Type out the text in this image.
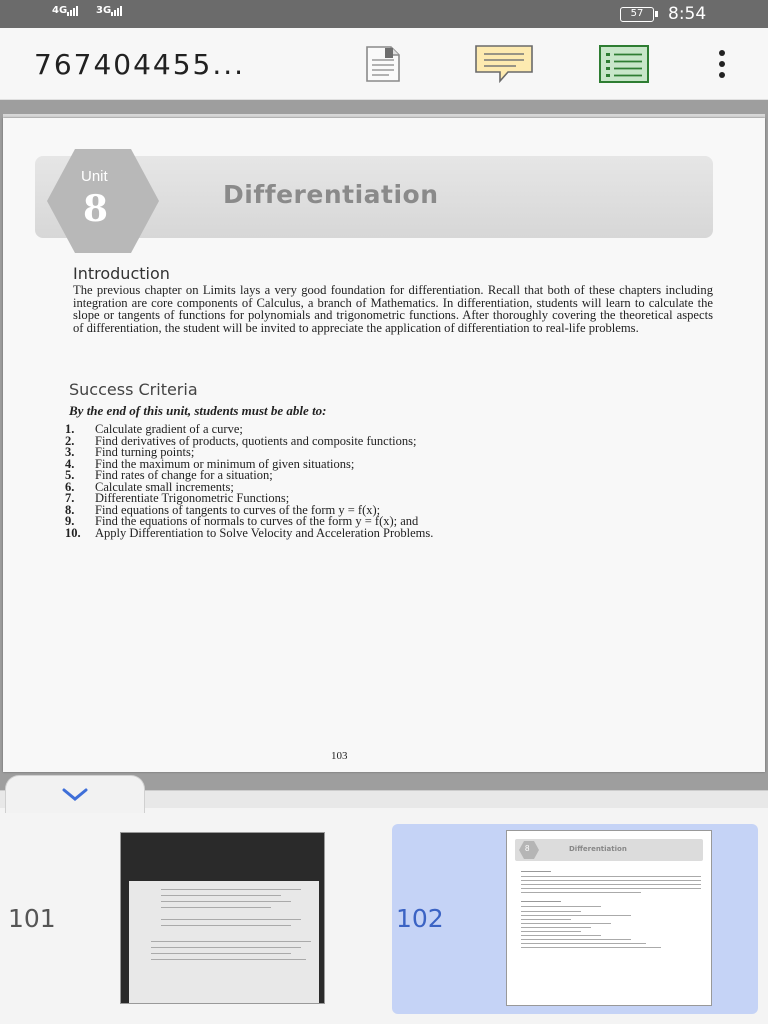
4G	3G	57	8:54
767404455...
Unit
8	Differentiation
Introduction
The previous chapter on Limits lays a very good foundation for differentiation. Recall that both of these chapters including integration are core components of Calculus, a branch of Mathematics. In differentiation, students will learn to calculate the slope or tangents of functions for polynomials and trigonometric functions. After thoroughly covering the theoretical aspects of differentiation, the student will be invited to appreciate the application of differentiation to real-life problems.
Success Criteria
By the end of this unit, students must be able to:
1. Calculate gradient of a curve;
2. Find derivatives of products, quotients and composite functions;
3. Find turning points;
4. Find the maximum or minimum of given situations;
5. Find rates of change for a situation;
6. Calculate small increments;
7. Differentiate Trigonometric Functions;
8. Find equations of tangents to curves of the form y = f(x);
9. Find the equations of normals to curves of the form y = f(x); and
10. Apply Differentiation to Solve Velocity and Acceleration Problems.
103
101	102
8	Differentiation
